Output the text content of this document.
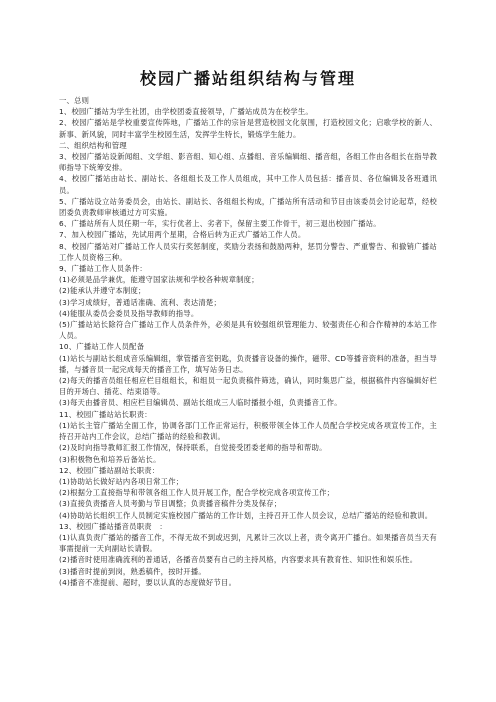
校园广播站组织结构与管理

一、总则

1、校园广播站为学生社团，由学校团委直接领导，广播站成员为在校学生。

2、校园广播站是学校重要宣传阵地，广播站工作的宗旨是营造校园文化氛围，打造校园文化；启歌学校的新人、新事、新风貌，同时丰富学生校园生活，发挥学生特长，锻炼学生能力。

二、组织结构和管理

3、校园广播站设新闻组、文学组、影音组、知心组、点播组、音乐编辑组、播音组，各组工作由各组长在指导教师指导下统筹安排。

4、校园广播站由站长、副站长、各组组长及工作人员组成，其中工作人员包括：播音员、各位编辑及各班通讯员。

5、广播站设立站务委员会，由站长、副站长、各组组长构成，广播站所有活动和节目由该委员会讨论起草，经校团委负责教师审核通过方可实施。

6、广播站所有人员任期一年，实行优者上、劣者下，保留主要工作骨干，初三退出校园广播站。

7、加入校园广播站，先试用两个星期，合格后转为正式广播站工作人员。

8、校园广播站对广播站工作人员实行奖惩制度，奖励分表扬和鼓励两种，惩罚分警告、严重警告、和撤销广播站工作人员资格三种。

9、广播站工作人员条件：

(1)必须是品学兼优，能遵守国家法规和学校各种规章制度；

(2)能承认并遵守本制度；

(3)学习成绩好，普通话准确、流利、表达清楚；

(4)能服从委员会委员及指导教师的指导。

(5)广播站站长除符合广播站工作人员条件外，必须是具有较强组织管理能力、较强责任心和合作精神的本站工作人员。

10、广播站工作人员配备

(1)站长与副站长组成音乐编辑组，掌管播音室钥匙，负责播音设备的操作，磁带、CD等播音资料的准备，担当导播，与播音员一起完成每天的播音工作，填写站务日志。

(2)每天的播音员组任相应栏目组组长，和组员一起负责稿件筛选，确认，同时集思广益，根据稿件内容编辑好栏目的开场白、插花、结束语等。

(3)每天由播音员、相应栏目编辑员、副站长组成三人临时播报小组，负责播音工作。

11、校园广播站站长职责：

(1)站长主管广播站全面工作，协调各部门工作正常运行，积极带领全体工作人员配合学校完成各项宣传工作，主持召开站内工作会议，总结广播站的经验和教训。

(2)及时向指导教师汇报工作情况，保持联系，自觉接受团委老师的指导和帮助。

(3)积极物色和培养后备站长。

12、校园广播站副站长职责：

(1)协助站长做好站内各项日常工作；

(2)根据分工直接指导和带领各组工作人员开展工作，配合学校完成各项宣传工作；

(3)直接负责播音人员考勤与节目调整；负责播音稿件分类及保存；

(4)协助站长组织工作人员制定实施校园广播站的工作计划，主持召开工作人员会议，总结广播站的经验和教训。

13、校园广播站播音员职责　：

(1)认真负责广播站的播音工作，不得无故不到或迟到，凡累计三次以上者，责令离开广播台。如果播音员当天有事需提前一天向副站长请假。

(2)播音时使用准确流利的普通话，各播音员要有自己的主持风格，内容要求具有教育性、知识性和娱乐性。

(3)播音时提前到岗，熟悉稿件，按时开播。

(4)播音不准提前、超时，要以认真的态度做好节目。
